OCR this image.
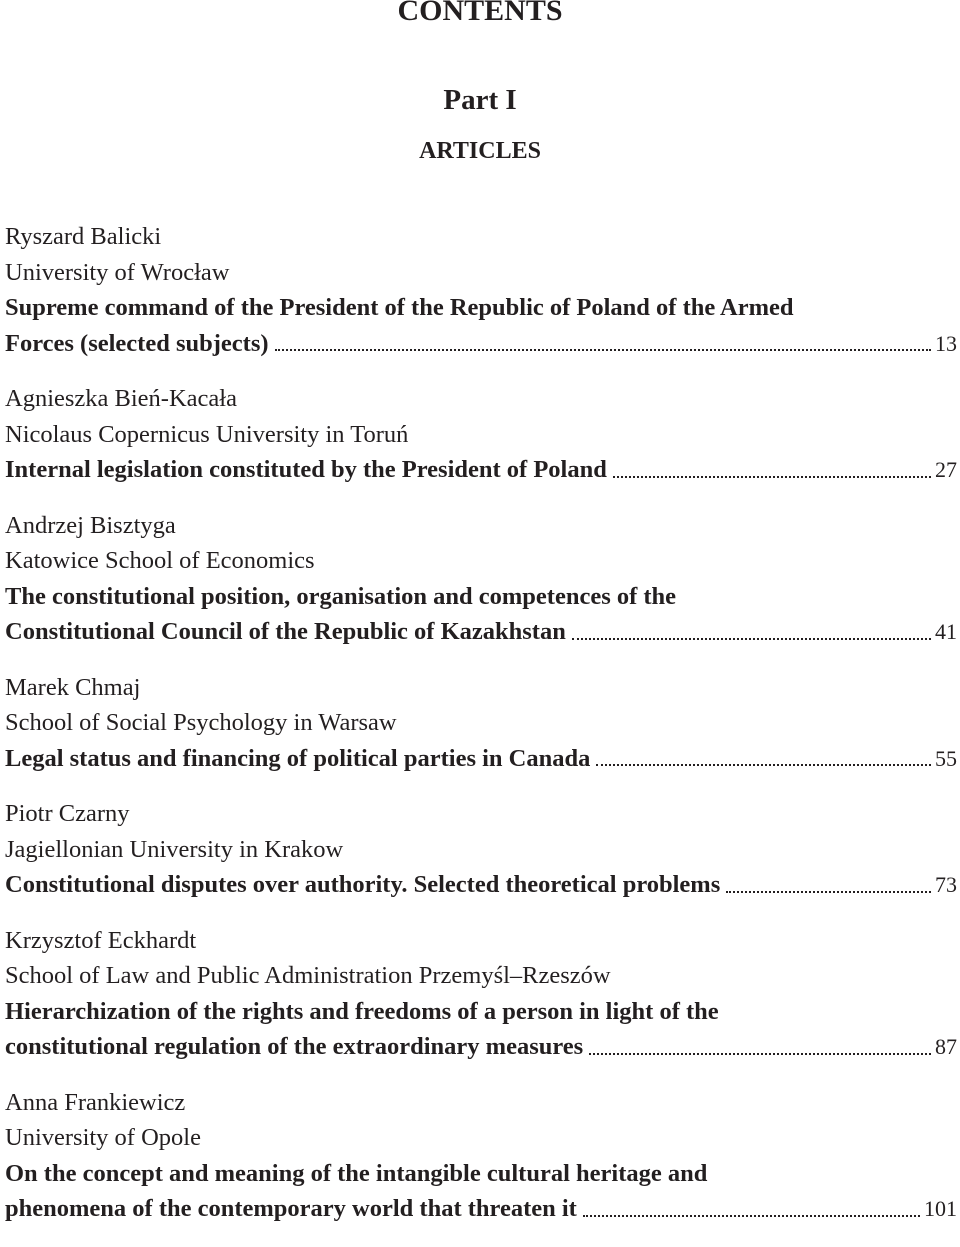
CONTENTS
Part I
ARTICLES
Ryszard Balicki
University of Wrocław
Supreme command of the President of the Republic of Poland of the Armed
Forces (selected subjects)	13
Agnieszka Bień-Kacała
Nicolaus Copernicus University in Toruń
Internal legislation constituted by the President of Poland	27
Andrzej Bisztyga
Katowice School of Economics
The constitutional position, organisation and competences of the
Constitutional Council of the Republic of Kazakhstan	41
Marek Chmaj
School of Social Psychology in Warsaw
Legal status and financing of political parties in Canada	55
Piotr Czarny
Jagiellonian University in Krakow
Constitutional disputes over authority. Selected theoretical problems	73
Krzysztof Eckhardt
School of Law and Public Administration Przemyśl–Rzeszów
Hierarchization of the rights and freedoms of a person in light of the
constitutional regulation of the extraordinary measures	87
Anna Frankiewicz
University of Opole
On the concept and meaning of the intangible cultural heritage and
phenomena of the contemporary world that threaten it	101
